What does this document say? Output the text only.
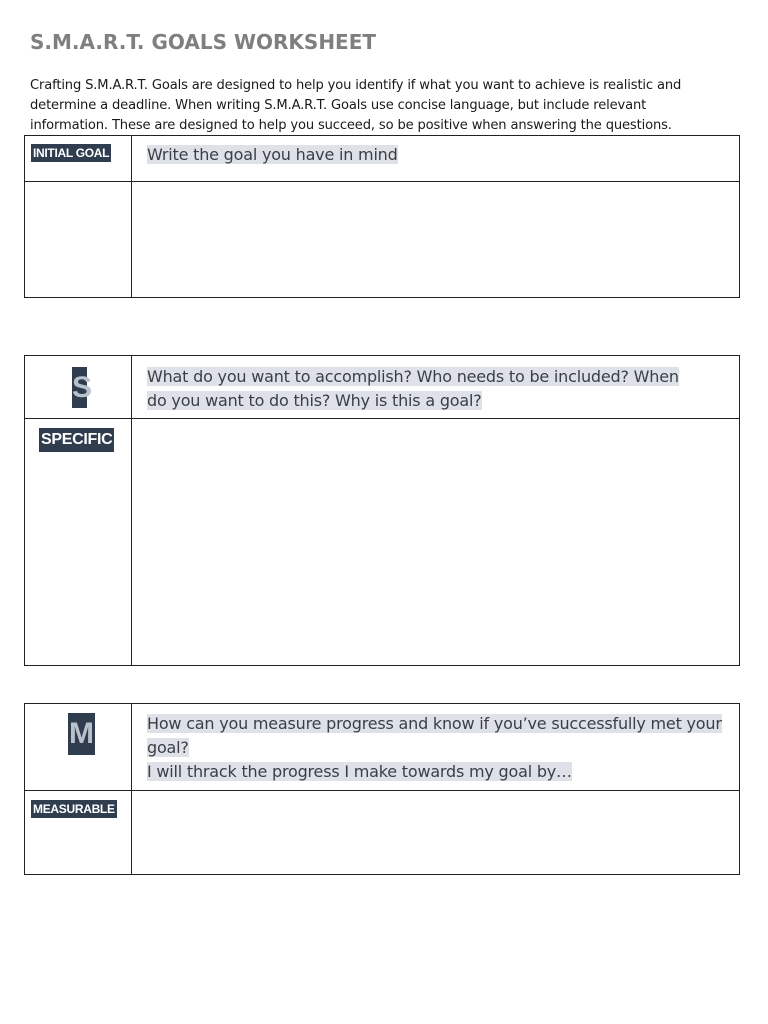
S.M.A.R.T. GOALS WORKSHEET

Crafting S.M.A.R.T. Goals are designed to help you identify if what you want to achieve is realistic and

determine a deadline. When writing S.M.A.R.T. Goals use concise language, but include relevant

information. These are designed to help you succeed, so be positive when answering the questions.

INITIAL GOAL Write the goal you have in mind
S
SPECIFIC
What do you want to accomplish? Who needs to be included? When
do you want to do this? Why is this a goal?
M
MEASURABLE
How can you measure progress and know if you’ve successfully met your
goal?
I will thrack the progress I make towards my goal by…
